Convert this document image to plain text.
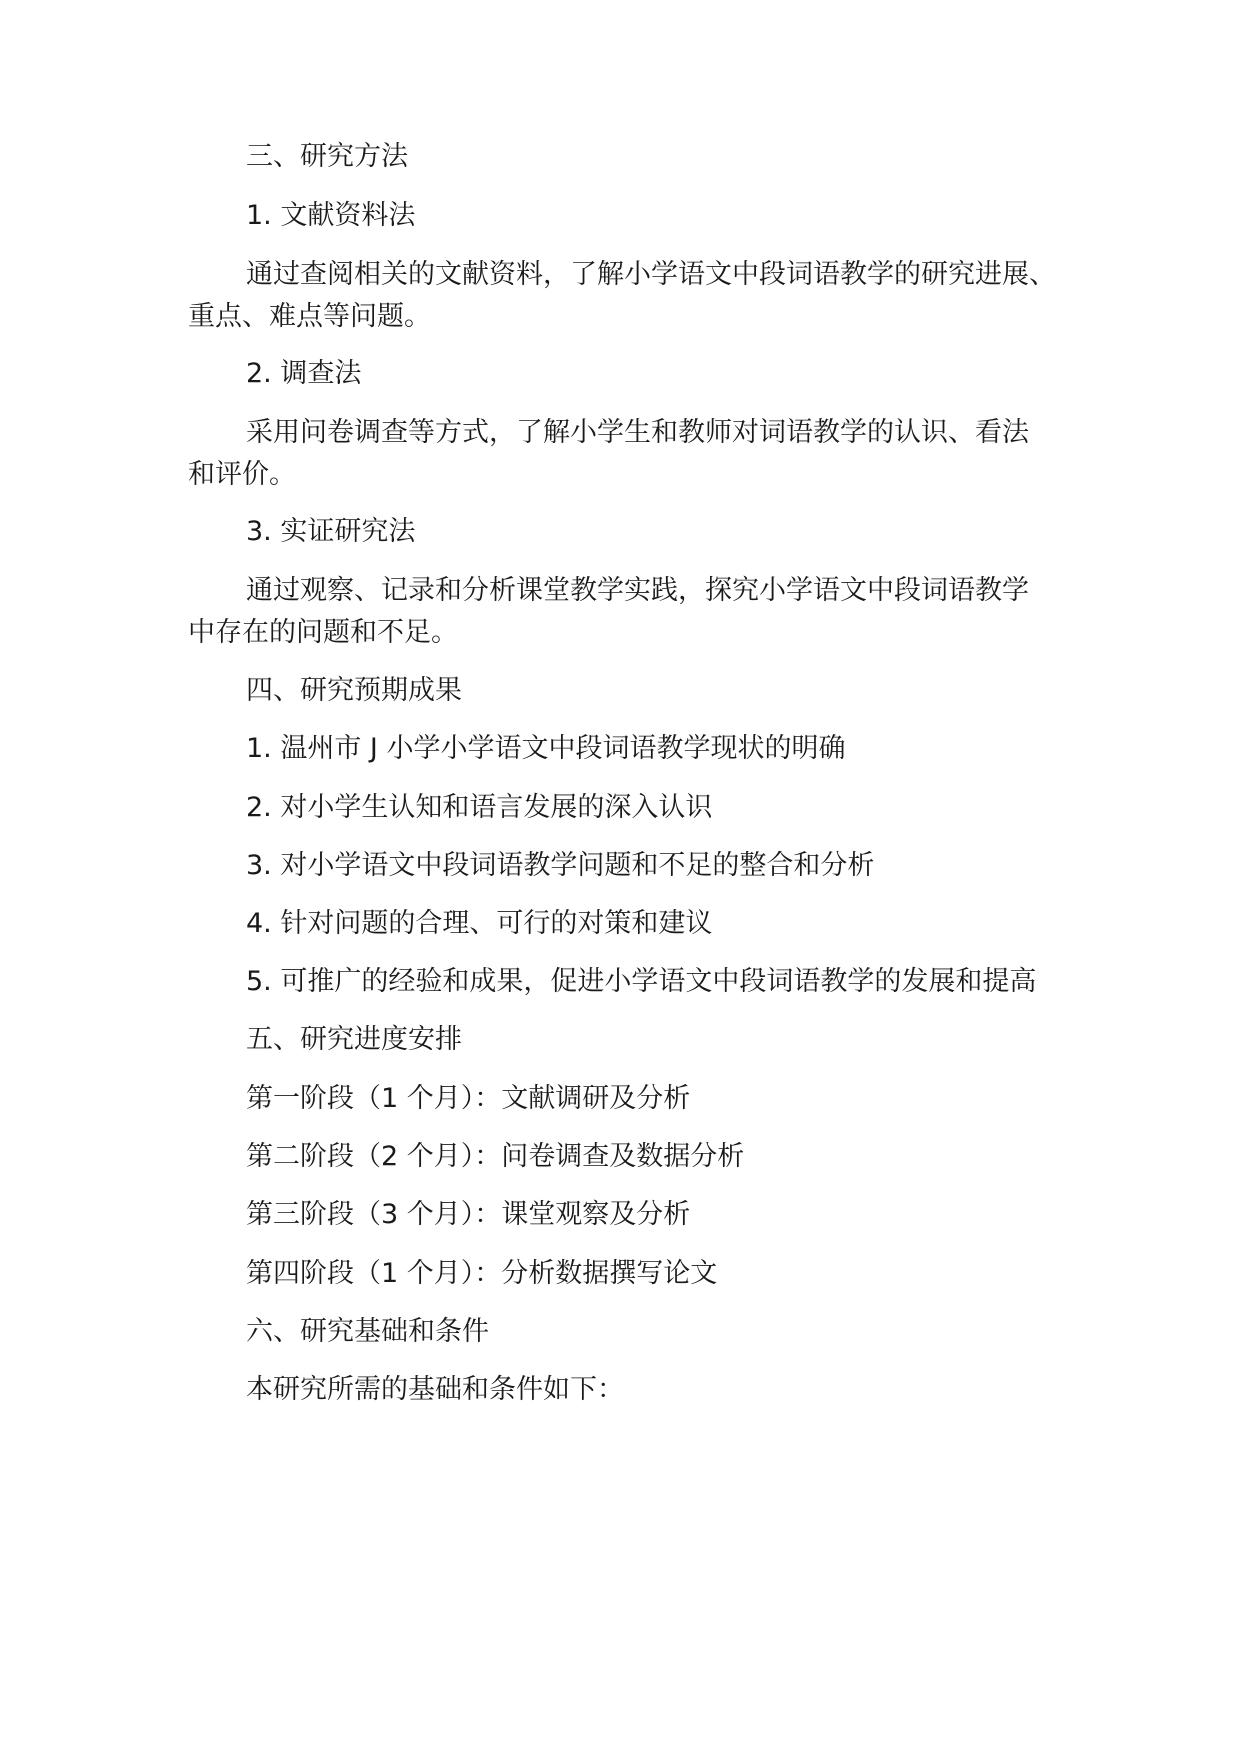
三、研究方法
1. 文献资料法
通过查阅相关的文献资料，了解小学语文中段词语教学的研究进展、
重点、难点等问题。
2. 调查法
采用问卷调查等方式，了解小学生和教师对词语教学的认识、看法
和评价。
3. 实证研究法
通过观察、记录和分析课堂教学实践，探究小学语文中段词语教学
中存在的问题和不足。
四、研究预期成果
1. 温州市 J 小学小学语文中段词语教学现状的明确
2. 对小学生认知和语言发展的深入认识
3. 对小学语文中段词语教学问题和不足的整合和分析
4. 针对问题的合理、可行的对策和建议
5. 可推广的经验和成果，促进小学语文中段词语教学的发展和提高
五、研究进度安排
第一阶段（1 个月）：文献调研及分析
第二阶段（2 个月）：问卷调查及数据分析
第三阶段（3 个月）：课堂观察及分析
第四阶段（1 个月）：分析数据撰写论文
六、研究基础和条件
本研究所需的基础和条件如下：
